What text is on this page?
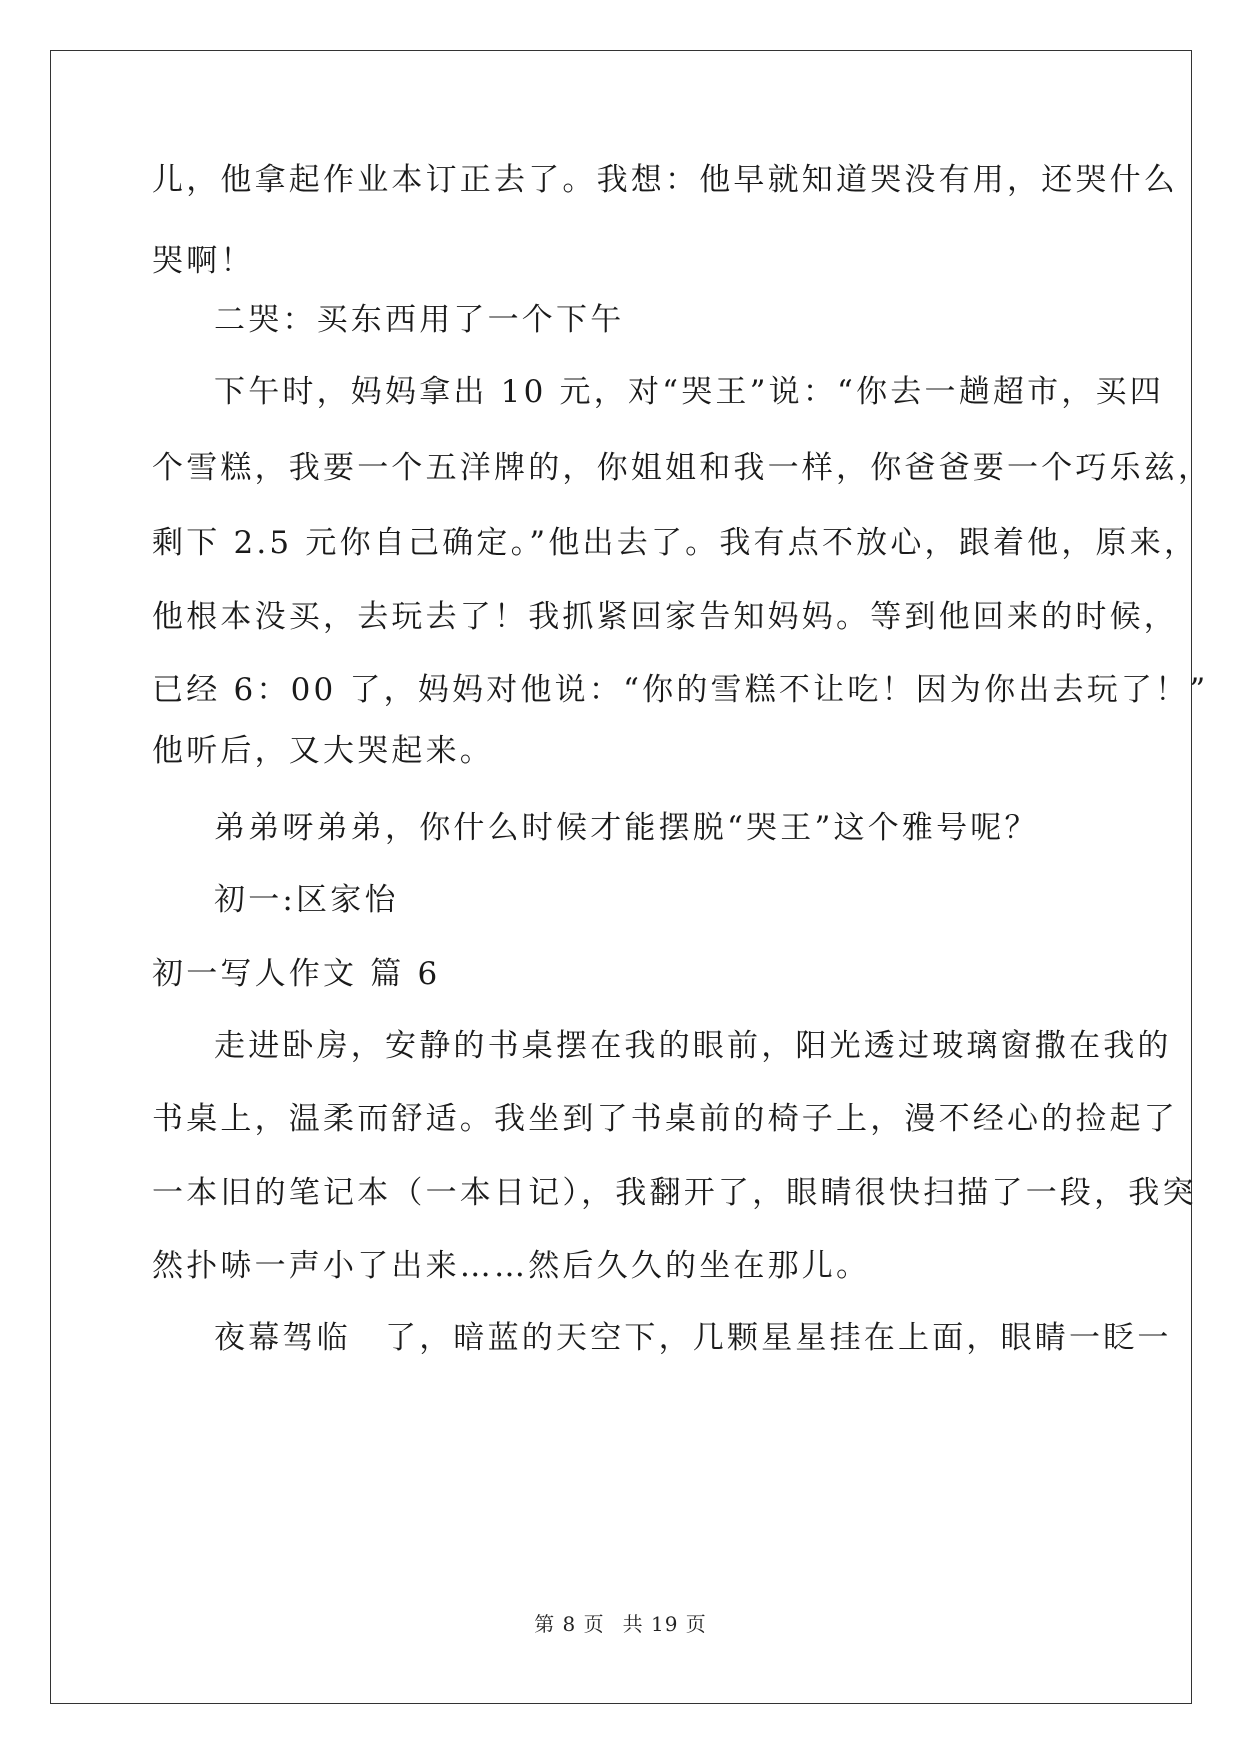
儿，他拿起作业本订正去了。我想：他早就知道哭没有用，还哭什么
哭啊！
二哭：买东西用了一个下午
下午时，妈妈拿出 10 元，对“哭王”说：“你去一趟超市，买四
个雪糕，我要一个五洋牌的，你姐姐和我一样，你爸爸要一个巧乐兹，
剩下 2.5 元你自己确定。”他出去了。我有点不放心，跟着他，原来，
他根本没买，去玩去了！我抓紧回家告知妈妈。等到他回来的时候，
已经 6：00 了，妈妈对他说：“你的雪糕不让吃！因为你出去玩了！”
他听后，又大哭起来。
弟弟呀弟弟，你什么时候才能摆脱“哭王”这个雅号呢？
初一:区家怡
初一写人作文 篇 6
走进卧房，安静的书桌摆在我的眼前，阳光透过玻璃窗撒在我的
书桌上，温柔而舒适。我坐到了书桌前的椅子上，漫不经心的捡起了
一本旧的笔记本（一本日记），我翻开了，眼睛很快扫描了一段，我突
然扑哧一声小了出来……然后久久的坐在那儿。
夜幕驾临　了，暗蓝的天空下，几颗星星挂在上面，眼睛一眨一
第 8 页 共 19 页
